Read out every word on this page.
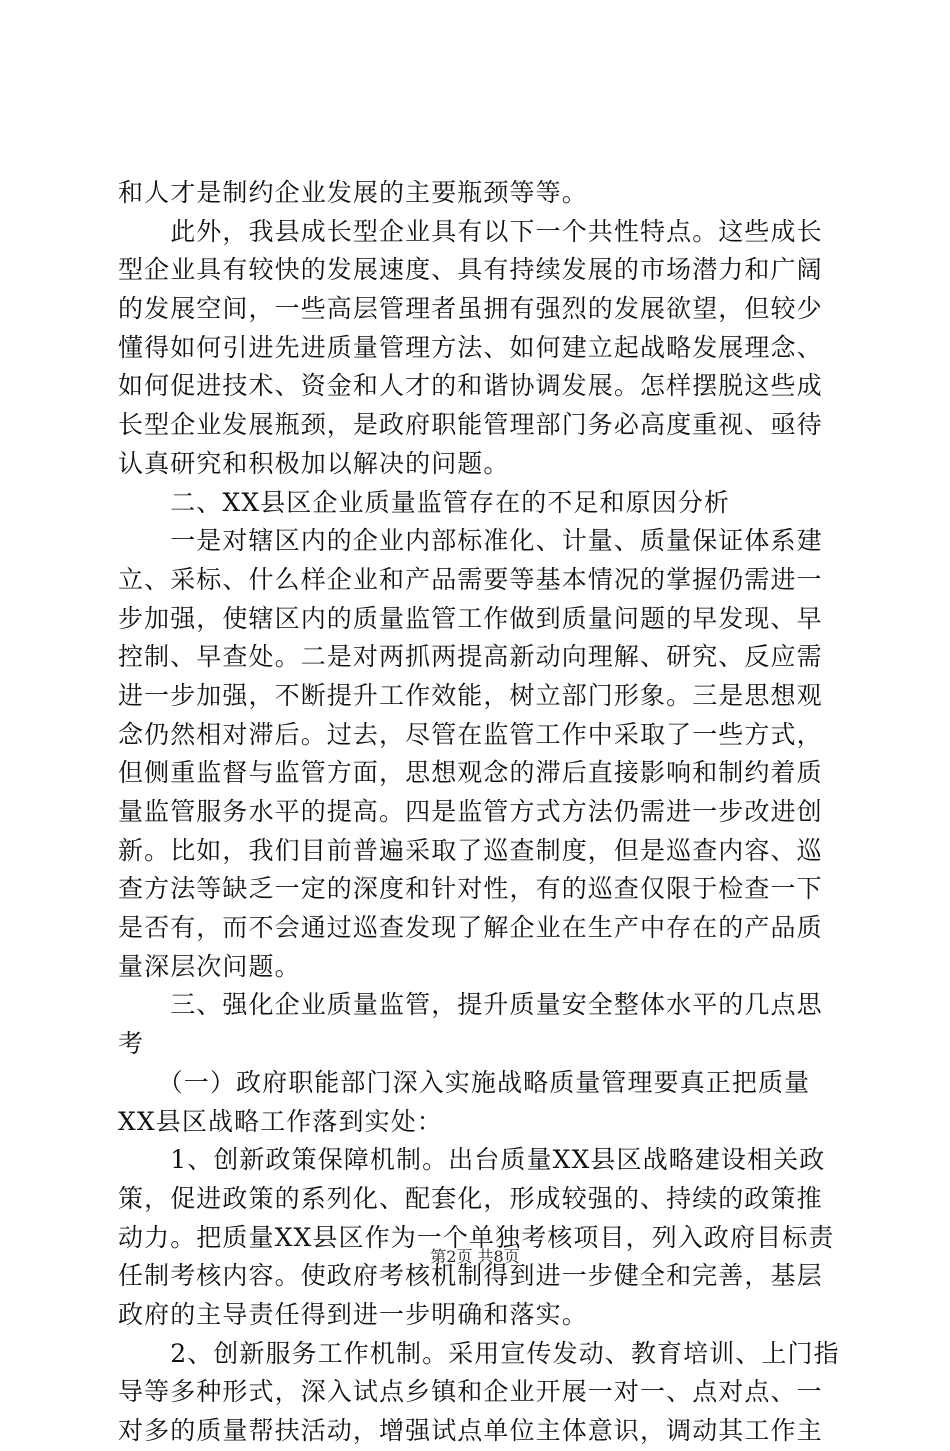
和人才是制约企业发展的主要瓶颈等等。
　　此外，我县成长型企业具有以下一个共性特点。这些成长
型企业具有较快的发展速度、具有持续发展的市场潜力和广阔
的发展空间，一些高层管理者虽拥有强烈的发展欲望，但较少
懂得如何引进先进质量管理方法、如何建立起战略发展理念、
如何促进技术、资金和人才的和谐协调发展。怎样摆脱这些成
长型企业发展瓶颈，是政府职能管理部门务必高度重视、亟待
认真研究和积极加以解决的问题。
　　二、XX县区企业质量监管存在的不足和原因分析
　　一是对辖区内的企业内部标准化、计量、质量保证体系建
立、采标、什么样企业和产品需要等基本情况的掌握仍需进一
步加强，使辖区内的质量监管工作做到质量问题的早发现、早
控制、早查处。二是对两抓两提高新动向理解、研究、反应需
进一步加强，不断提升工作效能，树立部门形象。三是思想观
念仍然相对滞后。过去，尽管在监管工作中采取了一些方式，
但侧重监督与监管方面，思想观念的滞后直接影响和制约着质
量监管服务水平的提高。四是监管方式方法仍需进一步改进创
新。比如，我们目前普遍采取了巡查制度，但是巡查内容、巡
查方法等缺乏一定的深度和针对性，有的巡查仅限于检查一下
是否有，而不会通过巡查发现了解企业在生产中存在的产品质
量深层次问题。
　　三、强化企业质量监管，提升质量安全整体水平的几点思
考
　　（一）政府职能部门深入实施战略质量管理要真正把质量
XX县区战略工作落到实处：
　　1、创新政策保障机制。出台质量XX县区战略建设相关政
策，促进政策的系列化、配套化，形成较强的、持续的政策推
动力。把质量XX县区作为一个单独考核项目，列入政府目标责
任制考核内容。使政府考核机制得到进一步健全和完善，基层
政府的主导责任得到进一步明确和落实。
　　2、创新服务工作机制。采用宣传发动、教育培训、上门指
导等多种形式，深入试点乡镇和企业开展一对一、点对点、一
对多的质量帮扶活动，增强试点单位主体意识，调动其工作主
第2页 共8页
